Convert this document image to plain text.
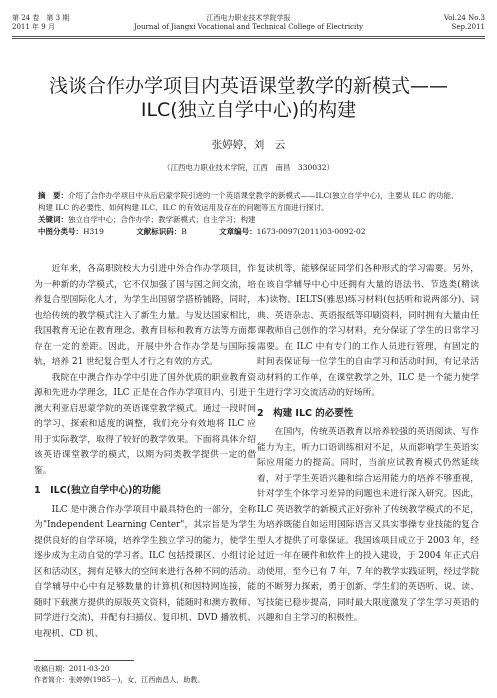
第 24 卷　第 3 期
2011 年 9 月
江西电力职业技术学院学报
Journal of Jiangxi Vocational and Technical College of Electricity
Vol.24 No.3
Sep.2011
浅谈合作办学项目内英语课堂教学的新模式——
ILC(独立自学中心)的构建
张婷婷，刘　云
（江西电力职业技术学院，江西　南昌　330032）

摘　要：介绍了合作办学项目中从后启蒙学院引进的一个英语课堂教学的新模式——ILC(独立自学中心)，主要从 ILC 的功能、构建 ILC 的必要性、如何构建 ILC、ILC 的有效运用及存在的问题等五方面进行探讨。

关键词：独立自学中心；合作办学；教学新模式；自主学习；构建

中图分类号：H319	文献标识码：B	文章编号：1673-0097(2011)03-0092-02

近年来，各高职院校大力引进中外合作办学项目，作为一种新的办学模式，它不仅加强了国与国之间交流，培养复合型国际化人才，为学生出国留学搭桥铺路，同时，也给传统的教学模式注入了新生力量。与发达国家相比，我国教育无论在教育理念、教育目标和教育方法等方面都存在一定的差距。因此，开展中外合作办学是与国际接轨，培养 21 世纪复合型人才行之有效的方式。

我院在中澳合作办学中引进了国外优质的职业教育资源和先进办学理念，ILC 正是在合作办学项目内、引进于澳大利亚启思蒙学院的英语课堂教学模式。通过一段时间的学习、探索和适度的调整，我们充分有效地将 ILC 应用于实际教学，取得了较好的教学效果。下面将具体介绍该英语课堂教学的模式，以期为同类教学提供一定的借鉴。

1　ILC(独立自学中心)的功能

ILC 是中澳合作办学项目中最具特色的一部分，全称为"Independent Learning Center"，其宗旨是为学生提供良好的自学环境，培养学生独立学习的能力，使学生逐步成为主动自觉的学习者。ILC 包括授课区、小组讨论区和活动区，拥有足够大的空间来进行各种不同的活动。自学辅导中心中有足够数量的计算机(和因特网连接，能随时下载澳方提供的原版英文资料，能随时和澳方教师、同学进行交流)，并配有扫描仪、复印机、DVD 播放机、电视机、CD 机、

复读机等，能够保证同学们各种形式的学习需要。另外，在该自学辅导中心中还拥有大量的语法书、节选类(精读本)读物、IELTS(雅思)练习材料(包括听和说两部分)、词典、英语杂志、英语报纸等印刷资料，同时拥有大量由任课教师自己创作的学习材料，充分保证了学生的日常学习需要。在 ILC 中有专门的工作人员进行管理，有固定的时间表保证每一位学生的自由学习和活动时间，有记录活动材料的工作单，在课堂教学之外，ILC 是一个能力使学生进行学习交流活动的好场所。

2　构建 ILC 的必要性

在国内，传统英语教育以培养较强的英语阅读、写作能力为主，听力口语训练相对不足，从而影响学生英语实际应用能力的提高。同时，当前应试教育模式仍然延续着，对于学生英语兴趣和综合运用能力的培养不够重视，针对学生个体学习差异的问题也未进行深入研究。因此，ILC 英语教学的新模式正好弥补了传统教学模式的不足，为培养既能自如运用国际语言又具实事操专业技能的复合型人才提供了可靠保证。我国该项目成立于 2003 年，经过近一年在硬件和软件上的投入建设，于 2004 年正式启动使用，至今已有 7 年，7 年的教学实践证明，经过学院的不断努力探索，勇于创新，学生们的英语听、说、读、写技能已稳步提高，同时最大限度激发了学生学习英语的兴趣和自主学习的积极性。

收稿日期：2011-03-20
作者简介：张婷婷(1985－)，女，江西南昌人，助教。
